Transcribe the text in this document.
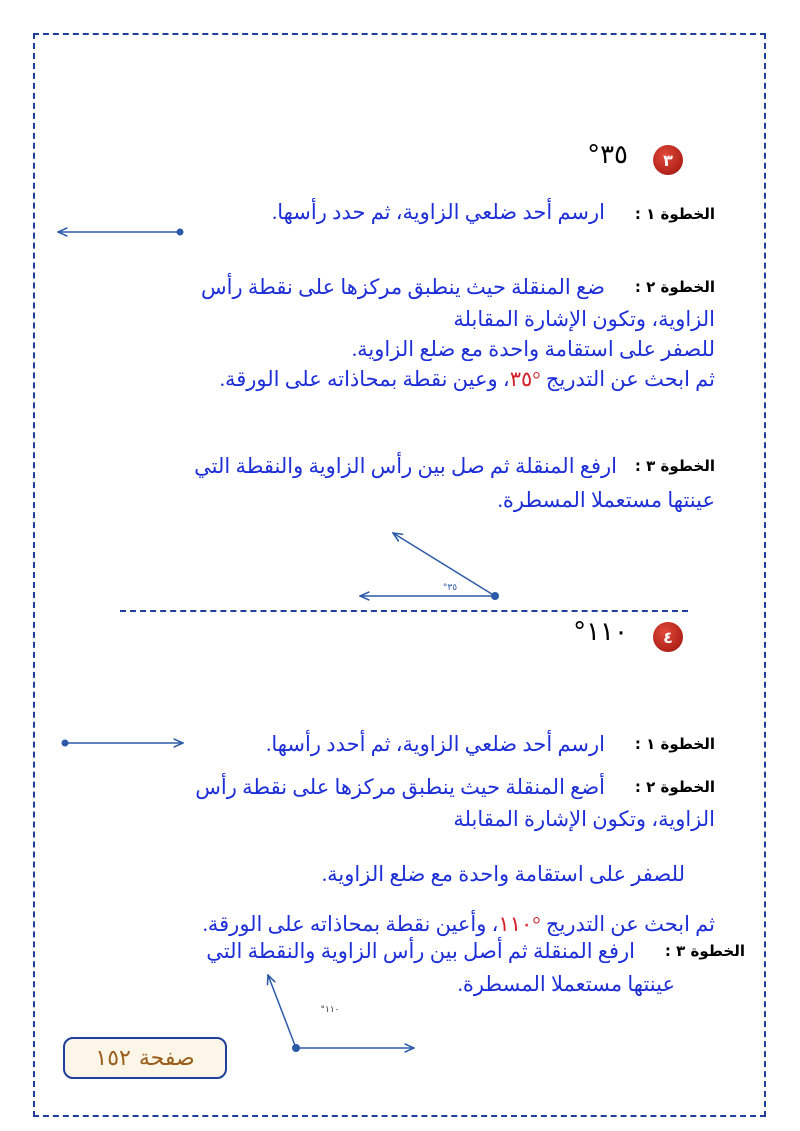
٣
°٣٥
الخطوة ١ :
ارسم أحد ضلعي الزاوية، ثم حدد رأسها.
الخطوة ٢ :
ضع المنقلة حيث ينطبق مركزها على نقطة رأس
الزاوية، وتكون الإشارة المقابلة
للصفر على استقامة واحدة مع ضلع الزاوية.
ثم ابحث عن التدريج °٣٥، وعين نقطة بمحاذاته على الورقة.
الخطوة ٣ :
ارفع المنقلة ثم صل بين رأس الزاوية والنقطة التي
عينتها مستعملا المسطرة.
٤
°١١٠
الخطوة ١ :
ارسم أحد ضلعي الزاوية، ثم أحدد رأسها.
الخطوة ٢ :
أضع المنقلة حيث ينطبق مركزها على نقطة رأس
الزاوية، وتكون الإشارة المقابلة
للصفر على استقامة واحدة مع ضلع الزاوية.
ثم ابحث عن التدريج °١١٠، وأعين نقطة بمحاذاته على الورقة.
الخطوة ٣ :
ارفع المنقلة ثم أصل بين رأس الزاوية والنقطة التي
عينتها مستعملا المسطرة.
صفحة
١٥٢
°٣٥
°١١٠
